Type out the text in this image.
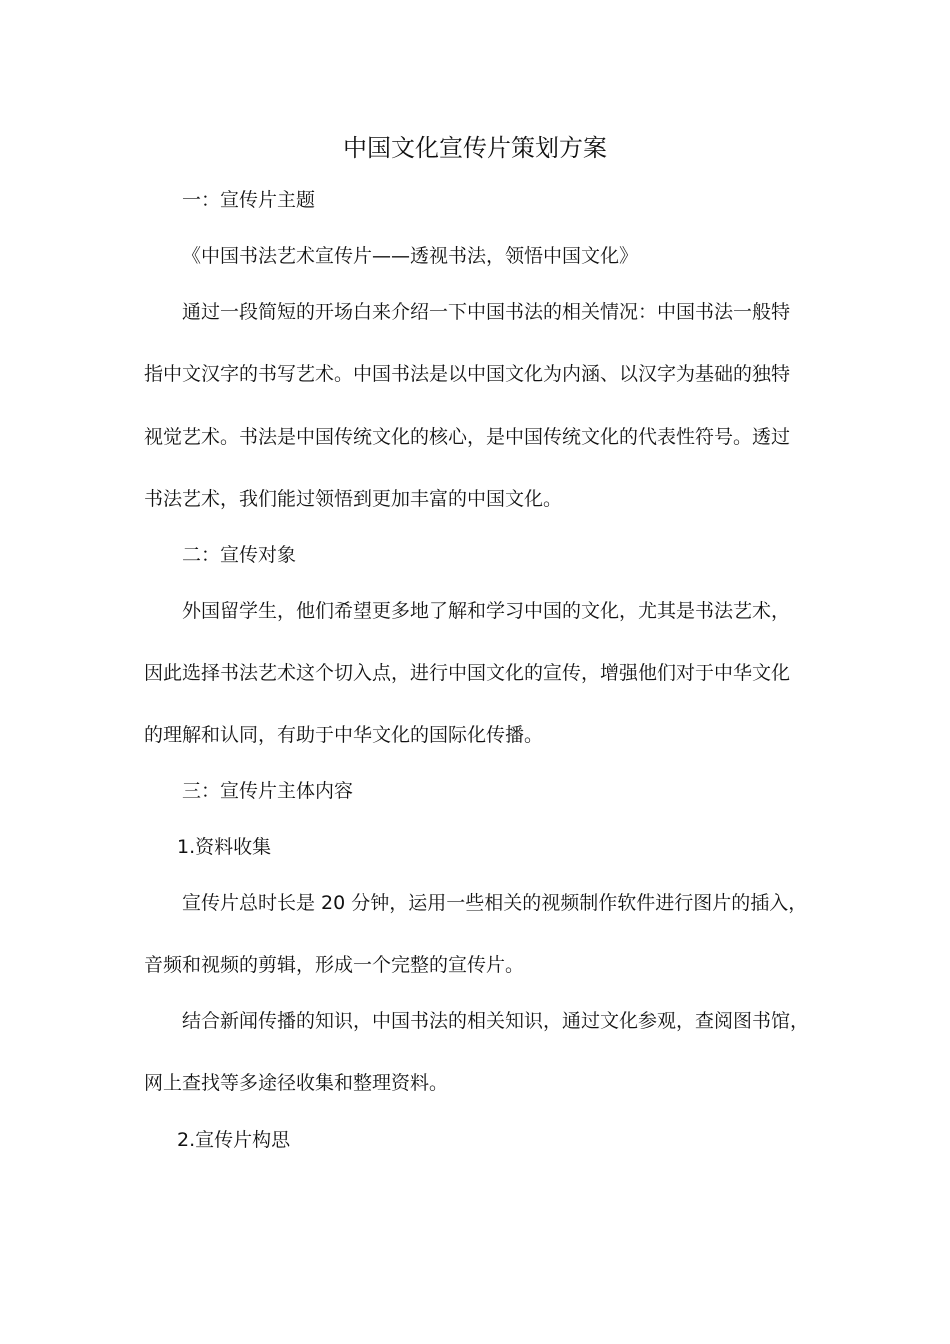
中国文化宣传片策划方案

一：宣传片主题

《中国书法艺术宣传片——透视书法，领悟中国文化》

通过一段简短的开场白来介绍一下中国书法的相关情况：中国书法一般特

指中文汉字的书写艺术。中国书法是以中国文化为内涵、以汉字为基础的独特

视觉艺术。书法是中国传统文化的核心，是中国传统文化的代表性符号。透过

书法艺术，我们能过领悟到更加丰富的中国文化。

二：宣传对象

外国留学生，他们希望更多地了解和学习中国的文化，尤其是书法艺术，

因此选择书法艺术这个切入点，进行中国文化的宣传，增强他们对于中华文化

的理解和认同，有助于中华文化的国际化传播。

三：宣传片主体内容

1.资料收集

宣传片总时长是 20 分钟，运用一些相关的视频制作软件进行图片的插入，

音频和视频的剪辑，形成一个完整的宣传片。

结合新闻传播的知识，中国书法的相关知识，通过文化参观，查阅图书馆，

网上查找等多途径收集和整理资料。

2.宣传片构思
